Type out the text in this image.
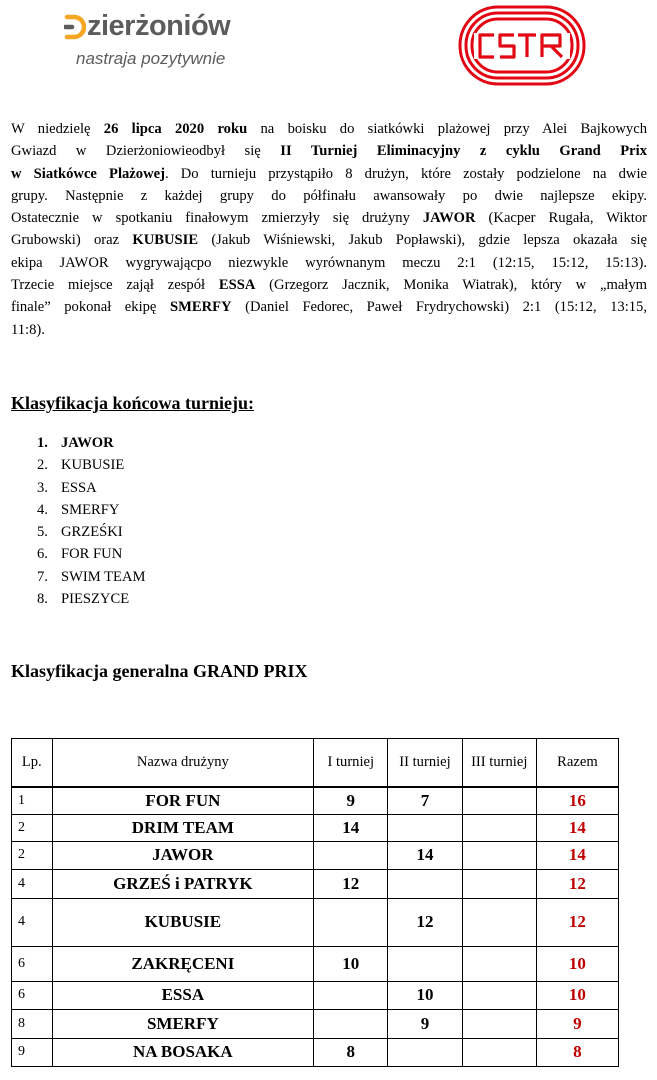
zierżoniów
nastraja pozytywnie
W niedzielę 26 lipca 2020 roku na boisku do siatkówki plażowej przy Alei Bajkowych
Gwiazd w Dzierżoniowieodbył się II Turniej Eliminacyjny z cyklu Grand Prix
w Siatkówce Plażowej. Do turnieju przystąpiło 8 drużyn, które zostały podzielone na dwie
grupy. Następnie z każdej grupy do półfinału awansowały po dwie najlepsze ekipy.
Ostatecznie w spotkaniu finałowym zmierzyły się drużyny JAWOR (Kacper Rugała, Wiktor
Grubowski) oraz KUBUSIE (Jakub Wiśniewski, Jakub Popławski), gdzie lepsza okazała się
ekipa JAWOR wygrywającpo niezwykle wyrównanym meczu 2:1 (12:15, 15:12, 15:13).
Trzecie miejsce zajął zespół ESSA (Grzegorz Jacznik, Monika Wiatrak), który w „małym
finale” pokonał ekipę SMERFY (Daniel Fedorec, Paweł Frydrychowski) 2:1 (15:12, 13:15,
11:8).
Klasyfikacja końcowa turnieju:
1. JAWOR
2. KUBUSIE
3. ESSA
4. SMERFY
5. GRZEŚKI
6. FOR FUN
7. SWIM TEAM
8. PIESZYCE
Klasyfikacja generalna GRAND PRIX
Lp.	Nazwa drużyny	I turniej	II turniej	III turniej	Razem
1	FOR FUN	9	7		16
2	DRIM TEAM	14			14
2	JAWOR		14		14
4	GRZEŚ i PATRYK	12			12
4	KUBUSIE		12		12
6	ZAKRĘCENI	10			10
6	ESSA		10		10
8	SMERFY		9		9
9	NA BOSAKA	8			8
